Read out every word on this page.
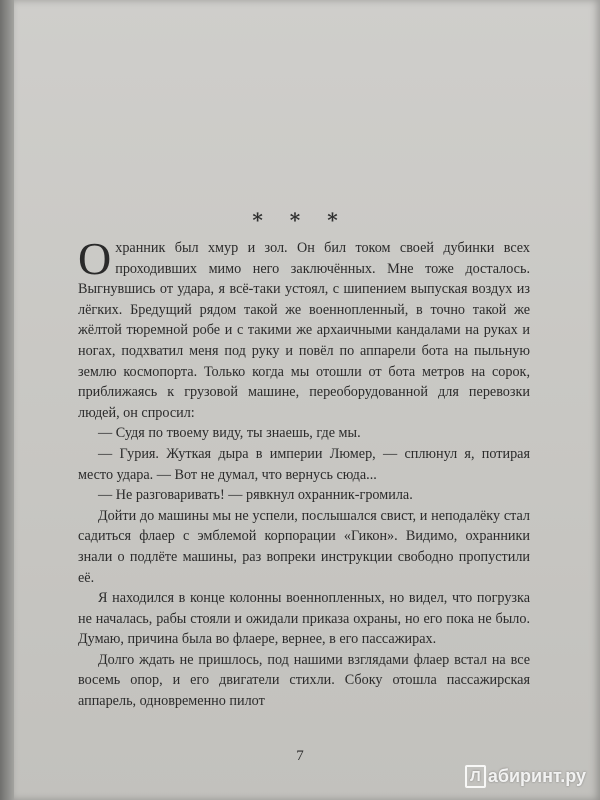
* * *

Охранник был хмур и зол. Он бил током своей дубинки всех проходивших мимо него заключённых. Мне тоже досталось. Выгнувшись от удара, я всё-таки устоял, с шипением выпуская воздух из лёгких. Бредущий рядом такой же военнопленный, в точно такой же жёлтой тюремной робе и с такими же архаичными кандалами на руках и ногах, подхватил меня под руку и повёл по аппарели бота на пыльную землю космопорта. Только когда мы отошли от бота метров на сорок, приближаясь к грузовой машине, переоборудованной для перевозки людей, он спросил:

— Судя по твоему виду, ты знаешь, где мы.

— Гурия. Жуткая дыра в империи Люмер, — сплюнул я, потирая место удара. — Вот не думал, что вернусь сюда...

— Не разговаривать! — рявкнул охранник-громила.

Дойти до машины мы не успели, послышался свист, и неподалёку стал садиться флаер с эмблемой корпорации «Гикон». Видимо, охранники знали о подлёте машины, раз вопреки инструкции свободно пропустили её.

Я находился в конце колонны военнопленных, но видел, что погрузка не началась, рабы стояли и ожидали приказа охраны, но его пока не было. Думаю, причина была во флаере, вернее, в его пассажирах.

Долго ждать не пришлось, под нашими взглядами флаер встал на все восемь опор, и его двигатели стихли. Сбоку отошла пассажирская аппарель, одновременно пилот

7
Л абиринт.ру
